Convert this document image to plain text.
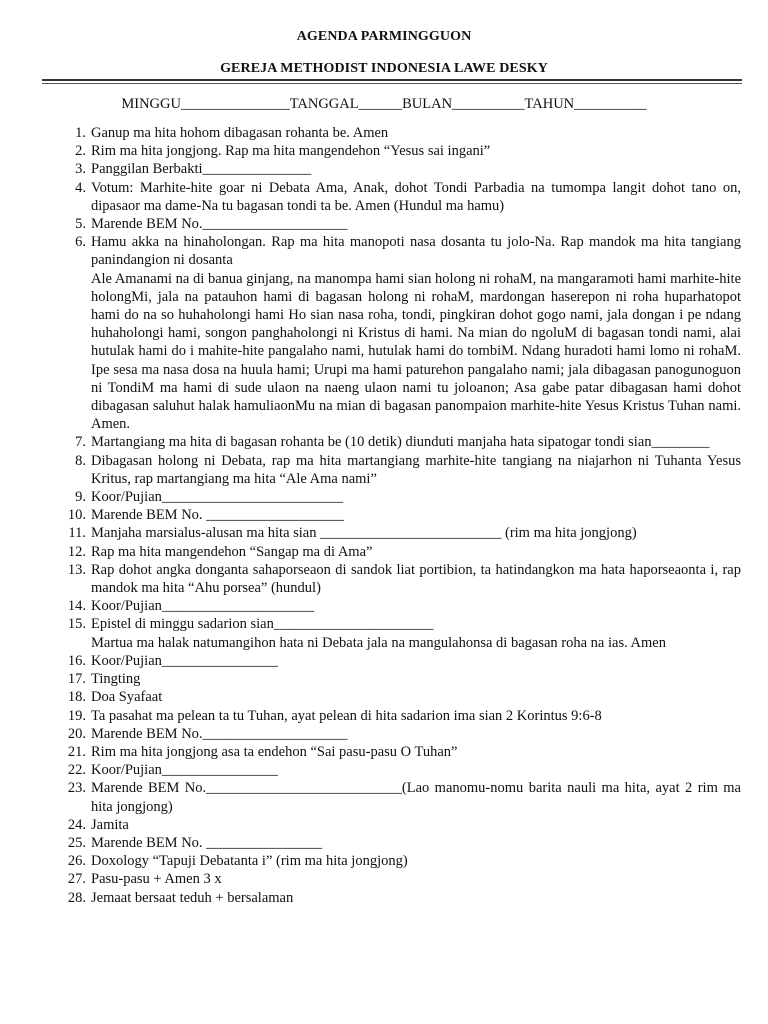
AGENDA PARMINGGUON
GEREJA METHODIST INDONESIA LAWE DESKY
MINGGU_______________TANGGAL______BULAN__________TAHUN__________
1. Ganup ma hita hohom dibagasan rohanta be. Amen
2. Rim ma hita jongjong. Rap ma hita mangendehon “Yesus sai ingani”
3. Panggilan Berbakti_______________
4. Votum: Marhite-hite goar ni Debata Ama, Anak, dohot Tondi Parbadia na tumompa langit dohot tano on, dipasaor ma dame-Na tu bagasan tondi ta be. Amen (Hundul ma hamu)
5. Marende BEM No.____________________
6. Hamu akka na hinaholongan. Rap ma hita manopoti nasa dosanta tu jolo-Na. Rap mandok ma hita tangiang panindangion ni dosanta
Ale Amanami na di banua ginjang, na manompa hami sian holong ni rohaM, na mangaramoti hami marhite-hite holongMi, jala na patauhon hami di bagasan holong ni rohaM, mardongan haserepon ni roha huparhatopot hami do na so huhaholongi hami Ho sian nasa roha, tondi, pingkiran dohot gogo nami, jala dongan i pe ndang huhaholongi hami, songon panghaholongi ni Kristus di hami. Na mian do ngoluM di bagasan tondi nami, alai hutulak hami do i mahite-hite pangalaho nami, hutulak hami do tombiM. Ndang huradoti hami lomo ni rohaM. Ipe sesa ma nasa dosa na huula hami; Urupi ma hami paturehon pangalaho nami; jala dibagasan panogunoguon ni TondiM ma hami di sude ulaon na naeng ulaon nami tu joloanon; Asa gabe patar dibagasan hami dohot dibagasan saluhut halak hamuliaonMu na mian di bagasan panompaion marhite-hite Yesus Kristus Tuhan nami. Amen.
7. Martangiang ma hita di bagasan rohanta be (10 detik) diunduti manjaha hata sipatogar tondi sian________
8. Dibagasan holong ni Debata, rap ma hita martangiang marhite-hite tangiang na niajarhon ni Tuhanta Yesus Kritus, rap martangiang ma hita “Ale Ama nami”
9. Koor/Pujian_________________________
10. Marende BEM No. ___________________
11. Manjaha marsialus-alusan ma hita sian _________________________ (rim ma hita jongjong)
12. Rap ma hita mangendehon “Sangap ma di Ama”
13. Rap dohot angka donganta sahaporseaon di sandok liat portibion, ta hatindangkon ma hata haporseaonta i, rap mandok ma hita “Ahu porsea” (hundul)
14. Koor/Pujian_____________________
15. Epistel di minggu sadarion sian______________________
Martua ma halak natumangihon hata ni Debata jala na mangulahonsa di bagasan roha na ias. Amen
16. Koor/Pujian________________
17. Tingting
18. Doa Syafaat
19. Ta pasahat ma pelean ta tu Tuhan, ayat pelean di hita sadarion ima sian 2 Korintus 9:6-8
20. Marende BEM No.____________________
21. Rim ma hita jongjong asa ta endehon “Sai pasu-pasu O Tuhan”
22. Koor/Pujian________________
23. Marende BEM No.___________________________(Lao manomu-nomu barita nauli ma hita, ayat 2 rim ma hita jongjong)
24. Jamita
25. Marende BEM No. ________________
26. Doxology “Tapuji Debatanta i” (rim ma hita jongjong)
27. Pasu-pasu + Amen 3 x
28. Jemaat bersaat teduh + bersalaman
